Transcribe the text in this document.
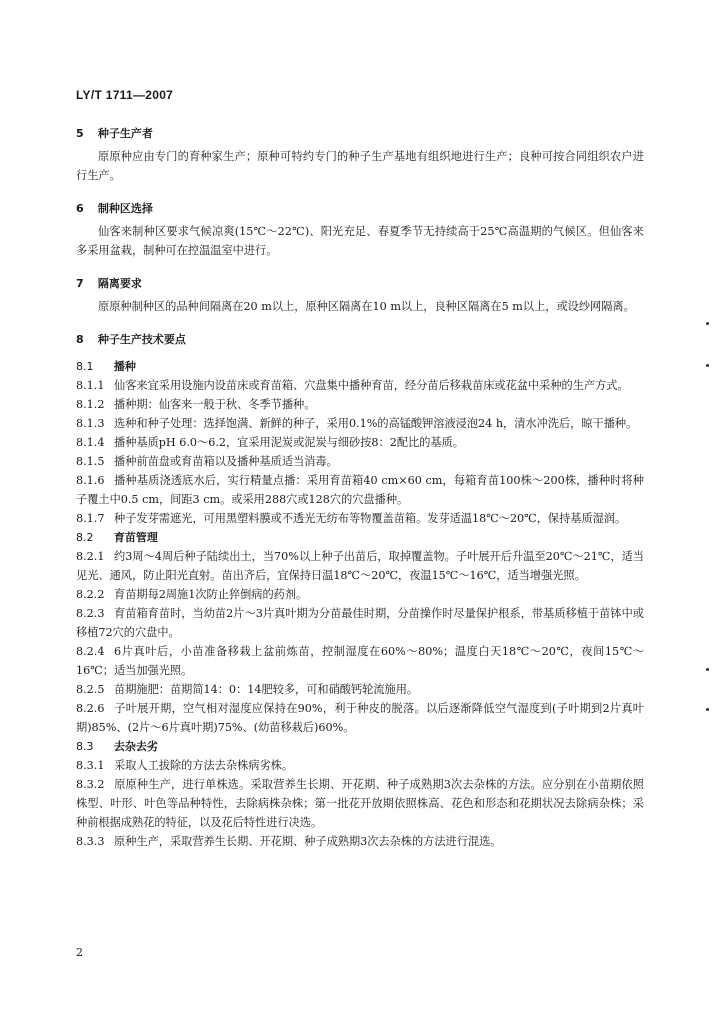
LY/T 1711—2007

5 种子生产者

原原种应由专门的育种家生产；原种可特约专门的种子生产基地有组织地进行生产；良种可按合同组织农户进行生产。

6 制种区选择

仙客来制种区要求气候凉爽(15℃～22℃)、阳光充足、春夏季节无持续高于25℃高温期的气候区。但仙客来多采用盆栽，制种可在控温温室中进行。

7 隔离要求

原原种制种区的品种间隔离在20 m以上，原种区隔离在10 m以上，良种区隔离在5 m以上，或设纱网隔离。

8 种子生产技术要点

8.1 播种

8.1.1 仙客来宜采用设施内设苗床或育苗箱、穴盘集中播种育苗，经分苗后移栽苗床或花盆中采种的生产方式。

8.1.2 播种期：仙客来一般于秋、冬季节播种。

8.1.3 选种和种子处理：选择饱满、新鲜的种子，采用0.1%的高锰酸钾溶液浸泡24 h，清水冲洗后，晾干播种。

8.1.4 播种基质pH 6.0～6.2，宜采用泥炭或泥炭与细砂按8：2配比的基质。

8.1.5 播种前苗盘或育苗箱以及播种基质适当消毒。

8.1.6 播种基质浇透底水后，实行精量点播：采用育苗箱40 cm×60 cm，每箱育苗100株～200株，播种时将种子覆土中0.5 cm，间距3 cm。或采用288穴或128穴的穴盘播种。

8.1.7 种子发芽需遮光，可用黑塑料膜或不透光无纺布等物覆盖苗箱。发芽适温18℃～20℃，保持基质湿润。

8.2 育苗管理

8.2.1 约3周～4周后种子陆续出土，当70%以上种子出苗后，取掉覆盖物。子叶展开后升温至20℃～21℃，适当见光、通风，防止阳光直射。苗出齐后，宜保持日温18℃～20℃，夜温15℃～16℃，适当增强光照。

8.2.2 育苗期每2周施1次防止猝倒病的药剂。

8.2.3 育苗箱育苗时，当幼苗2片～3片真叶期为分苗最佳时期，分苗操作时尽量保护根系，带基质移植于苗钵中或移植72穴的穴盘中。

8.2.4 6片真叶后，小苗准备移栽上盆前炼苗，控制湿度在60%～80%；温度白天18℃～20℃，夜间15℃～16℃；适当加强光照。

8.2.5 苗期施肥：苗期简14：0：14肥较多，可和硝酸钙轮流施用。

8.2.6 子叶展开期，空气相对湿度应保持在90%，利于种皮的脱落。以后逐渐降低空气湿度到(子叶期到2片真叶期)85%、(2片～6片真叶期)75%、(幼苗移栽后)60%。

8.3 去杂去劣

8.3.1 采取人工拔除的方法去杂株病劣株。

8.3.2 原原种生产，进行单株选。采取营养生长期、开花期、种子成熟期3次去杂株的方法。应分别在小苗期依照株型、叶形、叶色等品种特性，去除病株杂株；第一批花开放期依照株高、花色和形态和花期状况去除病杂株；采种前根据成熟花的特征，以及花后特性进行决选。

8.3.3 原种生产，采取营养生长期、开花期、种子成熟期3次去杂株的方法进行混选。

2
